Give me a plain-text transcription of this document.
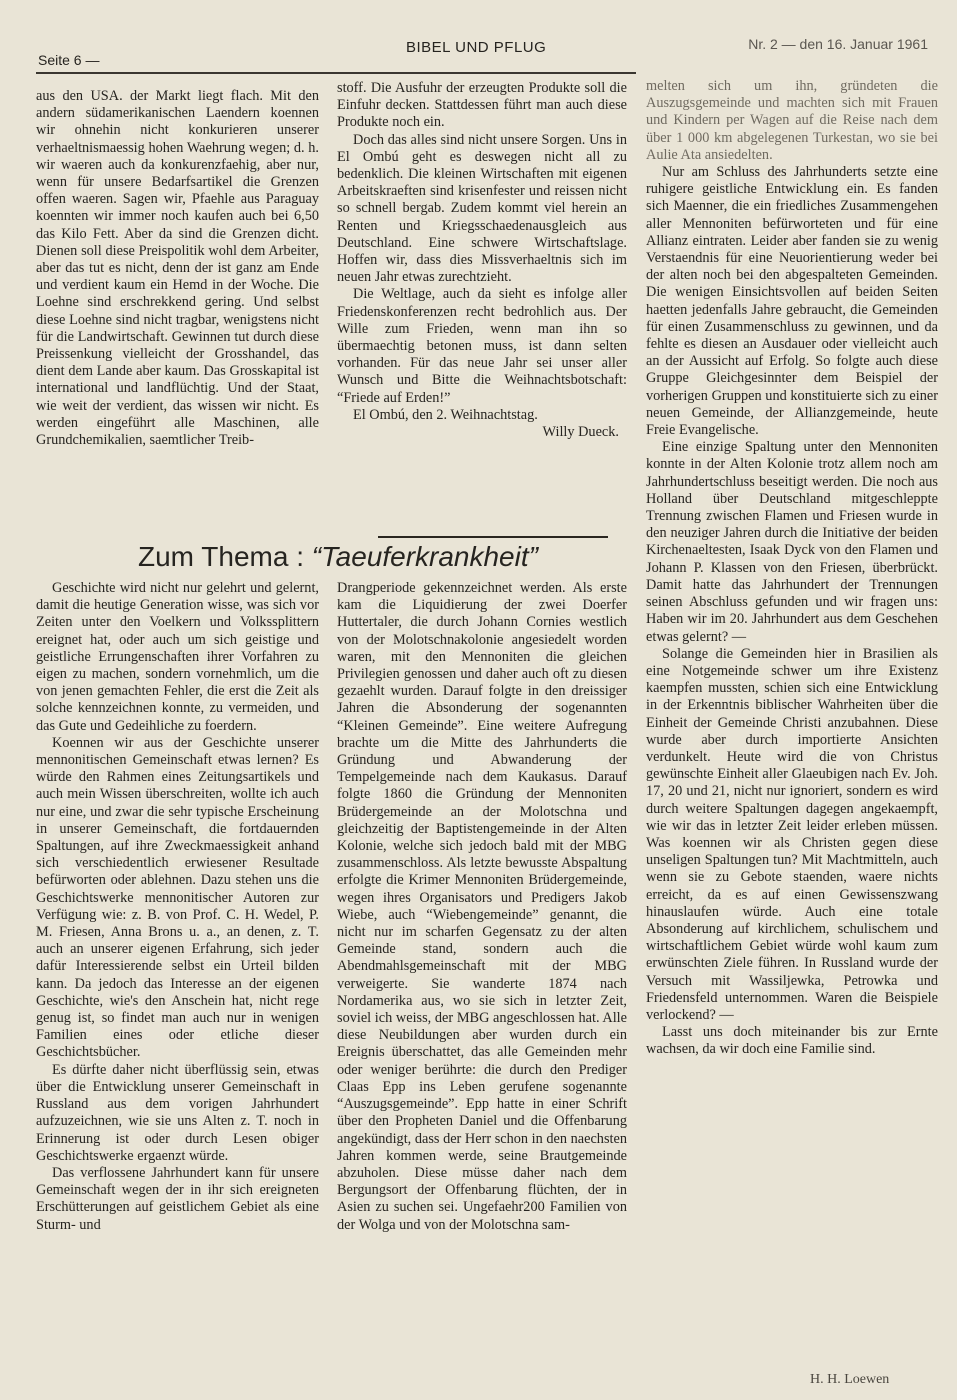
Seite 6 —
BIBEL UND PFLUG	Nr. 2 — den 16. Januar 1961

aus den USA. der Markt liegt flach. Mit den andern südamerikanischen Laendern koennen wir ohnehin nicht konkurieren unserer verhaeltnismaessig hohen Waehrung wegen; d. h. wir waeren auch da konkurenzfaehig, aber nur, wenn für unsere Bedarfsartikel die Grenzen offen waeren. Sagen wir, Pfaehle aus Paraguay koennten wir immer noch kaufen auch bei 6,50 das Kilo Fett. Aber da sind die Grenzen dicht. Dienen soll diese Preispolitik wohl dem Arbeiter, aber das tut es nicht, denn der ist ganz am Ende und verdient kaum ein Hemd in der Woche. Die Loehne sind erschrekkend gering. Und selbst diese Loehne sind nicht tragbar, wenigstens nicht für die Landwirtschaft. Gewinnen tut durch diese Preissenkung vielleicht der Grosshandel, das dient dem Lande aber kaum. Das Grosskapital ist international und landflüchtig. Und der Staat, wie weit der verdient, das wissen wir nicht. Es werden eingeführt alle Maschinen, alle Grundchemikalien, saemtlicher Treib-

stoff. Die Ausfuhr der erzeugten Produkte soll die Einfuhr decken. Stattdessen führt man auch diese Produkte noch ein.

Doch das alles sind nicht unsere Sorgen. Uns in El Ombú geht es deswegen nicht all zu bedenklich. Die kleinen Wirtschaften mit eigenen Arbeitskraeften sind krisenfester und reissen nicht so schnell bergab. Zudem kommt viel herein an Renten und Kriegsschaedenausgleich aus Deutschland. Eine schwere Wirtschaftslage. Hoffen wir, dass dies Missverhaeltnis sich im neuen Jahr etwas zurechtzieht.

Die Weltlage, auch da sieht es infolge aller Friedenskonferenzen recht bedrohlich aus. Der Wille zum Frieden, wenn man ihn so übermaechtig betonen muss, ist dann selten vorhanden. Für das neue Jahr sei unser aller Wunsch und Bitte die Weihnachtsbotschaft: “Friede auf Erden!”

El Ombú, den 2. Weihnachtstag.

Willy Dueck.

Zum Thema : “Taeuferkrankheit”

melten sich um ihn, gründeten die Auszugsgemeinde und machten sich mit Frauen und Kindern per Wagen auf die Reise nach dem über 1 000 km abgelegenen Turkestan, wo sie bei Aulie Ata ansiedelten.

Nur am Schluss des Jahrhunderts setzte eine ruhigere geistliche Entwicklung ein. Es fanden sich Maenner, die ein friedliches Zusammengehen aller Mennoniten befürworteten und für eine Allianz eintraten. Leider aber fanden sie zu wenig Verstaendnis für eine Neuorientierung weder bei der alten noch bei den abgespalteten Gemeinden. Die wenigen Einsichtsvollen auf beiden Seiten haetten jedenfalls Jahre gebraucht, die Gemeinden für einen Zusammenschluss zu gewinnen, und da fehlte es diesen an Ausdauer oder vielleicht auch an der Aussicht auf Erfolg. So folgte auch diese Gruppe Gleichgesinnter dem Beispiel der vorherigen Gruppen und konstituierte sich zu einer neuen Gemeinde, der Allianzgemeinde, heute Freie Evangelische.

Eine einzige Spaltung unter den Mennoniten konnte in der Alten Kolonie trotz allem noch am Jahrhundertschluss beseitigt werden. Die noch aus Holland über Deutschland mitgeschleppte Trennung zwischen Flamen und Friesen wurde in den neuziger Jahren durch die Initiative der beiden Kirchenaeltesten, Isaak Dyck von den Flamen und Johann P. Klassen von den Friesen, überbrückt. Damit hatte das Jahrhundert der Trennungen seinen Abschluss gefunden und wir fragen uns: Haben wir im 20. Jahrhundert aus dem Geschehen etwas gelernt? —

Solange die Gemeinden hier in Brasilien als eine Notgemeinde schwer um ihre Existenz kaempfen mussten, schien sich eine Entwicklung in der Erkenntnis biblischer Wahrheiten über die Einheit der Gemeinde Christi anzubahnen. Diese wurde aber durch importierte Ansichten verdunkelt. Heute wird die von Christus gewünschte Einheit aller Glaeubigen nach Ev. Joh. 17, 20 und 21, nicht nur ignoriert, sondern es wird durch weitere Spaltungen dagegen angekaempft, wie wir das in letzter Zeit leider erleben müssen. Was koennen wir als Christen gegen diese unseligen Spaltungen tun? Mit Machtmitteln, auch wenn sie zu Gebote staenden, waere nichts erreicht, da es auf einen Gewissenszwang hinauslaufen würde. Auch eine totale Absonderung auf kirchlichem, schulischem und wirtschaftlichem Gebiet würde wohl kaum zum erwünschten Ziele führen. In Russland wurde der Versuch mit Wassiljewka, Petrowka und Friedensfeld unternommen. Waren die Beispiele verlockend? —

Lasst uns doch miteinander bis zur Ernte wachsen, da wir doch eine Familie sind.

Geschichte wird nicht nur gelehrt und gelernt, damit die heutige Generation wisse, was sich vor Zeiten unter den Voelkern und Volkssplittern ereignet hat, oder auch um sich geistige und geistliche Errungenschaften ihrer Vorfahren zu eigen zu machen, sondern vornehmlich, um die von jenen gemachten Fehler, die erst die Zeit als solche kennzeichnen konnte, zu vermeiden, und das Gute und Gedeihliche zu foerdern.

Koennen wir aus der Geschichte unserer mennonitischen Gemeinschaft etwas lernen? Es würde den Rahmen eines Zeitungsartikels und auch mein Wissen überschreiten, wollte ich auch nur eine, und zwar die sehr typische Erscheinung in unserer Gemeinschaft, die fortdauernden Spaltungen, auf ihre Zweckmaessigkeit anhand sich verschiedentlich erwiesener Resultade befürworten oder ablehnen. Dazu stehen uns die Geschichtswerke mennonitischer Autoren zur Verfügung wie: z. B. von Prof. C. H. Wedel, P. M. Friesen, Anna Brons u. a., an denen, z. T. auch an unserer eigenen Erfahrung, sich jeder dafür Interessierende selbst ein Urteil bilden kann. Da jedoch das Interesse an der eigenen Geschichte, wie's den Anschein hat, nicht rege genug ist, so findet man auch nur in wenigen Familien eines oder etliche dieser Geschichtsbücher.

Es dürfte daher nicht überflüssig sein, etwas über die Entwicklung unserer Gemeinschaft in Russland aus dem vorigen Jahrhundert aufzuzeichnen, wie sie uns Alten z. T. noch in Erinnerung ist oder durch Lesen obiger Geschichtswerke ergaenzt würde.

Das verflossene Jahrhundert kann für unsere Gemeinschaft wegen der in ihr sich ereigneten Erschütterungen auf geistlichem Gebiet als eine Sturm- und

Drangperiode gekennzeichnet werden. Als erste kam die Liquidierung der zwei Doerfer Huttertaler, die durch Johann Cornies westlich von der Molotschnakolonie angesiedelt worden waren, mit den Mennoniten die gleichen Privilegien genossen und daher auch oft zu diesen gezaehlt wurden. Darauf folgte in den dreissiger Jahren die Absonderung der sogenannten “Kleinen Gemeinde”. Eine weitere Aufregung brachte um die Mitte des Jahrhunderts die Gründung und Abwanderung der Tempelgemeinde nach dem Kaukasus. Darauf folgte 1860 die Gründung der Mennoniten Brüdergemeinde an der Molotschna und gleichzeitig der Baptistengemeinde in der Alten Kolonie, welche sich jedoch bald mit der MBG zusammenschloss. Als letzte bewusste Abspaltung erfolgte die Krimer Mennoniten Brüdergemeinde, wegen ihres Organisators und Predigers Jakob Wiebe, auch “Wiebengemeinde” genannt, die nicht nur im scharfen Gegensatz zu der alten Gemeinde stand, sondern auch die Abendmahlsgemeinschaft mit der MBG verweigerte. Sie wanderte 1874 nach Nordamerika aus, wo sie sich in letzter Zeit, soviel ich weiss, der MBG angeschlossen hat. Alle diese Neubildungen aber wurden durch ein Ereignis überschattet, das alle Gemeinden mehr oder weniger berührte: die durch den Prediger Claas Epp ins Leben gerufene sogenannte “Auszugsgemeinde”. Epp hatte in einer Schrift über den Propheten Daniel und die Offenbarung angekündigt, dass der Herr schon in den naechsten Jahren kommen werde, seine Brautgemeinde abzuholen. Diese müsse daher nach dem Bergungsort der Offenbarung flüchten, der in Asien zu suchen sei. Ungefaehr200 Familien von der Wolga und von der Molotschna sam-

H. H. Loewen
